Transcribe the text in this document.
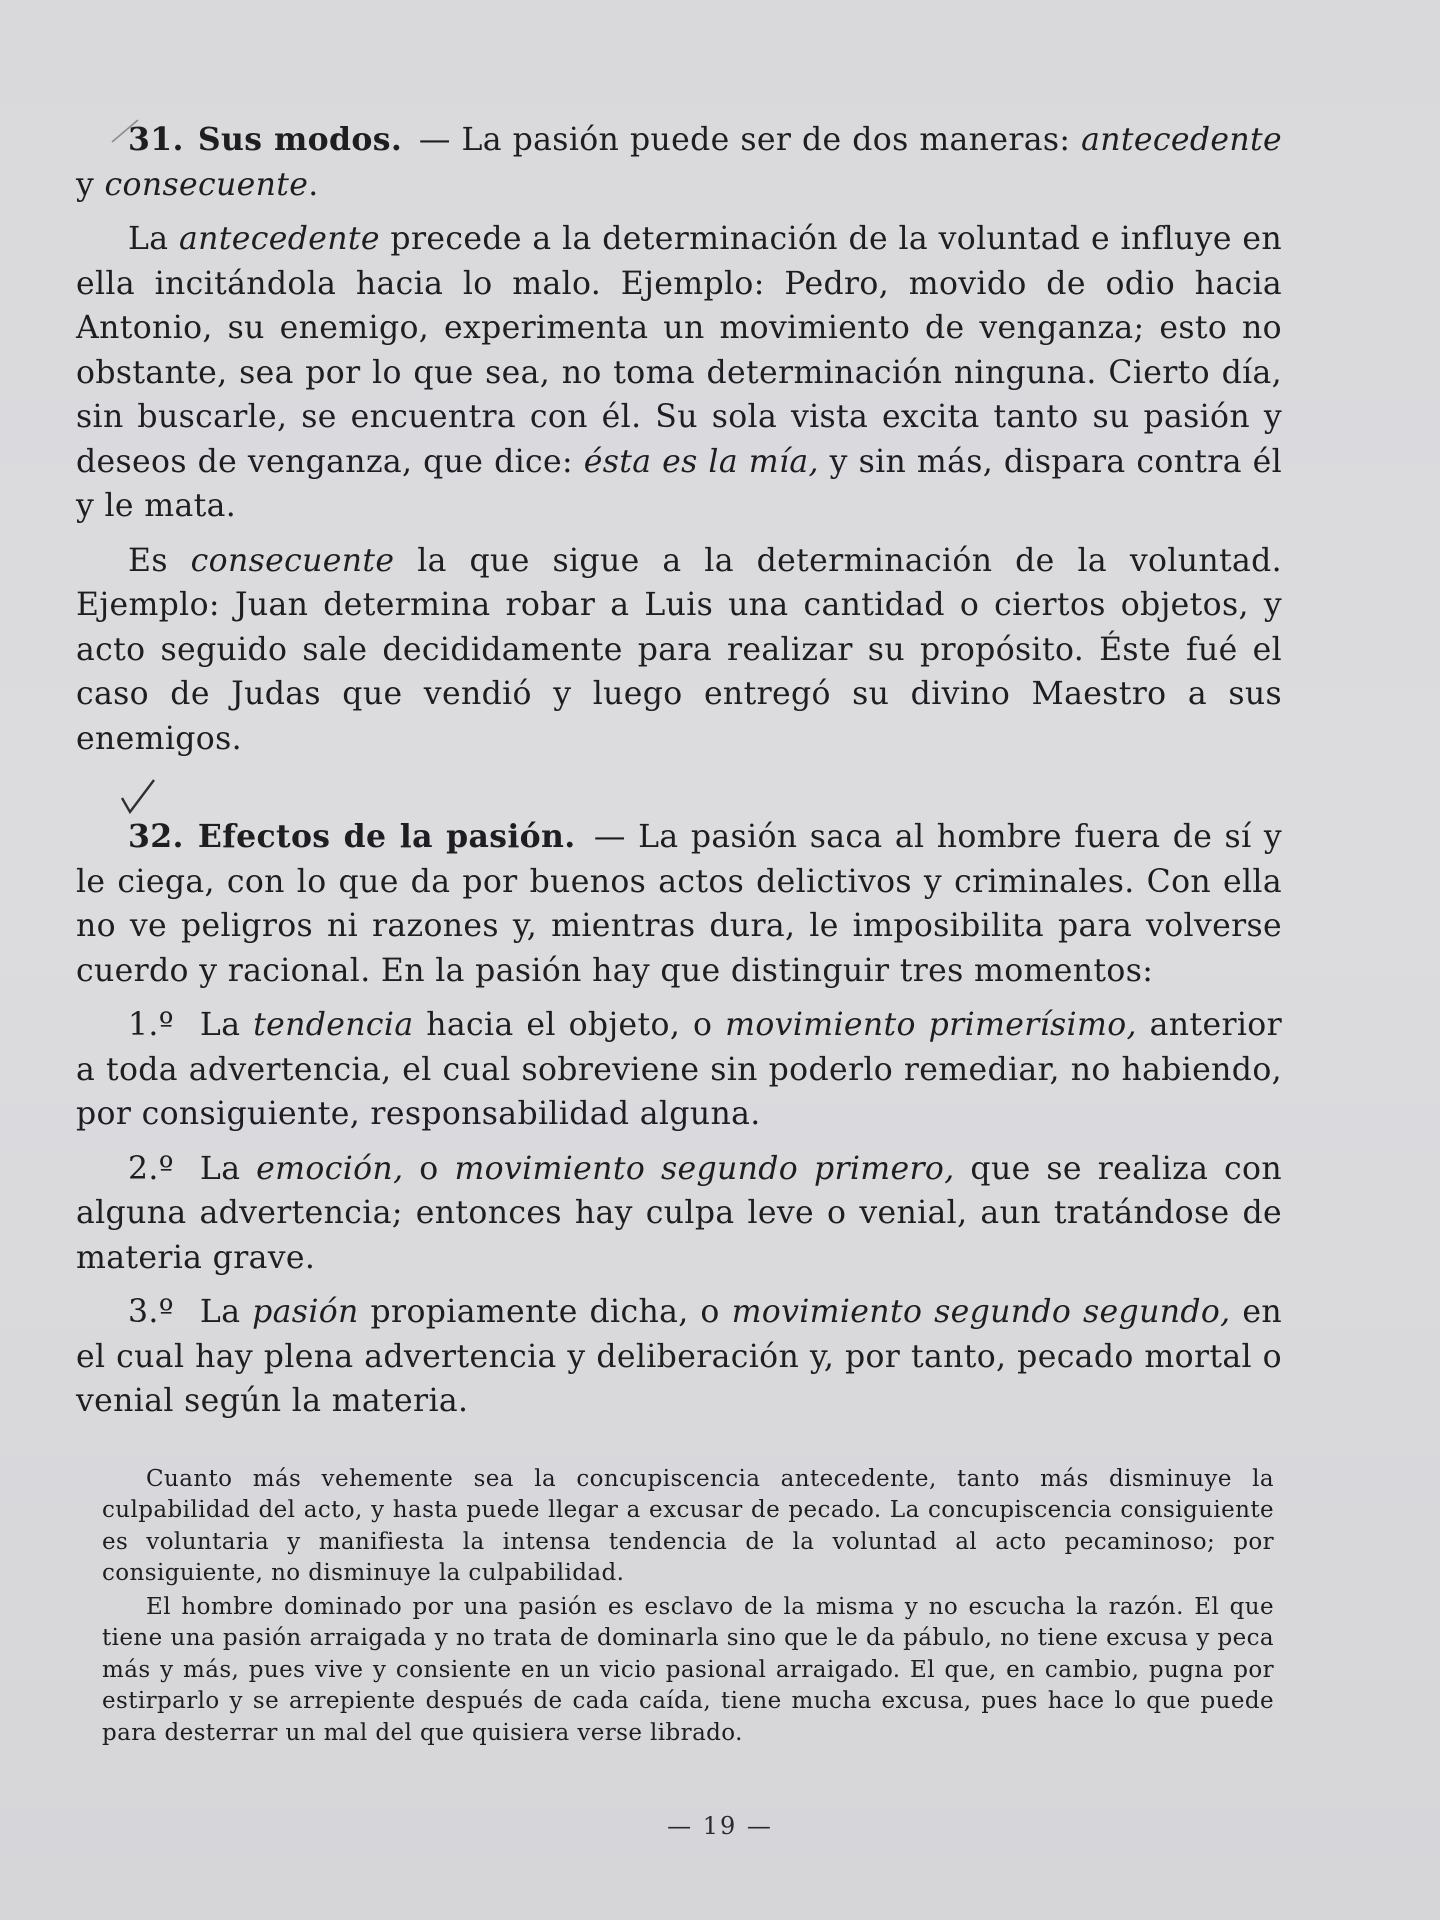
31. Sus modos. — La pasión puede ser de dos maneras: antecedente y consecuente.

La antecedente precede a la determinación de la voluntad e influye en ella incitándola hacia lo malo. Ejemplo: Pedro, movido de odio hacia Antonio, su enemigo, experimenta un movimiento de venganza; esto no obstante, sea por lo que sea, no toma determinación ninguna. Cierto día, sin buscarle, se encuentra con él. Su sola vista excita tanto su pasión y deseos de venganza, que dice: ésta es la mía, y sin más, dispara contra él y le mata.

Es consecuente la que sigue a la determinación de la voluntad. Ejemplo: Juan determina robar a Luis una cantidad o ciertos objetos, y acto seguido sale decididamente para realizar su propósito. Éste fué el caso de Judas que vendió y luego entregó su divino Maestro a sus enemigos.

32. Efectos de la pasión. — La pasión saca al hombre fuera de sí y le ciega, con lo que da por buenos actos delictivos y criminales. Con ella no ve peligros ni razones y, mientras dura, le imposibilita para volverse cuerdo y racional. En la pasión hay que distinguir tres momentos:

1.º La tendencia hacia el objeto, o movimiento primerísimo, anterior a toda advertencia, el cual sobreviene sin poderlo remediar, no habiendo, por consiguiente, responsabilidad alguna.

2.º La emoción, o movimiento segundo primero, que se realiza con alguna advertencia; entonces hay culpa leve o venial, aun tratándose de materia grave.

3.º La pasión propiamente dicha, o movimiento segundo segundo, en el cual hay plena advertencia y deliberación y, por tanto, pecado mortal o venial según la materia.

Cuanto más vehemente sea la concupiscencia antecedente, tanto más disminuye la culpabilidad del acto, y hasta puede llegar a excusar de pecado. La concupiscencia consiguiente es voluntaria y manifiesta la intensa tendencia de la voluntad al acto pecaminoso; por consiguiente, no disminuye la culpabilidad.

El hombre dominado por una pasión es esclavo de la misma y no escucha la razón. El que tiene una pasión arraigada y no trata de dominarla sino que le da pábulo, no tiene excusa y peca más y más, pues vive y consiente en un vicio pasional arraigado. El que, en cambio, pugna por estirparlo y se arrepiente después de cada caída, tiene mucha excusa, pues hace lo que puede para desterrar un mal del que quisiera verse librado.

— 19 —
